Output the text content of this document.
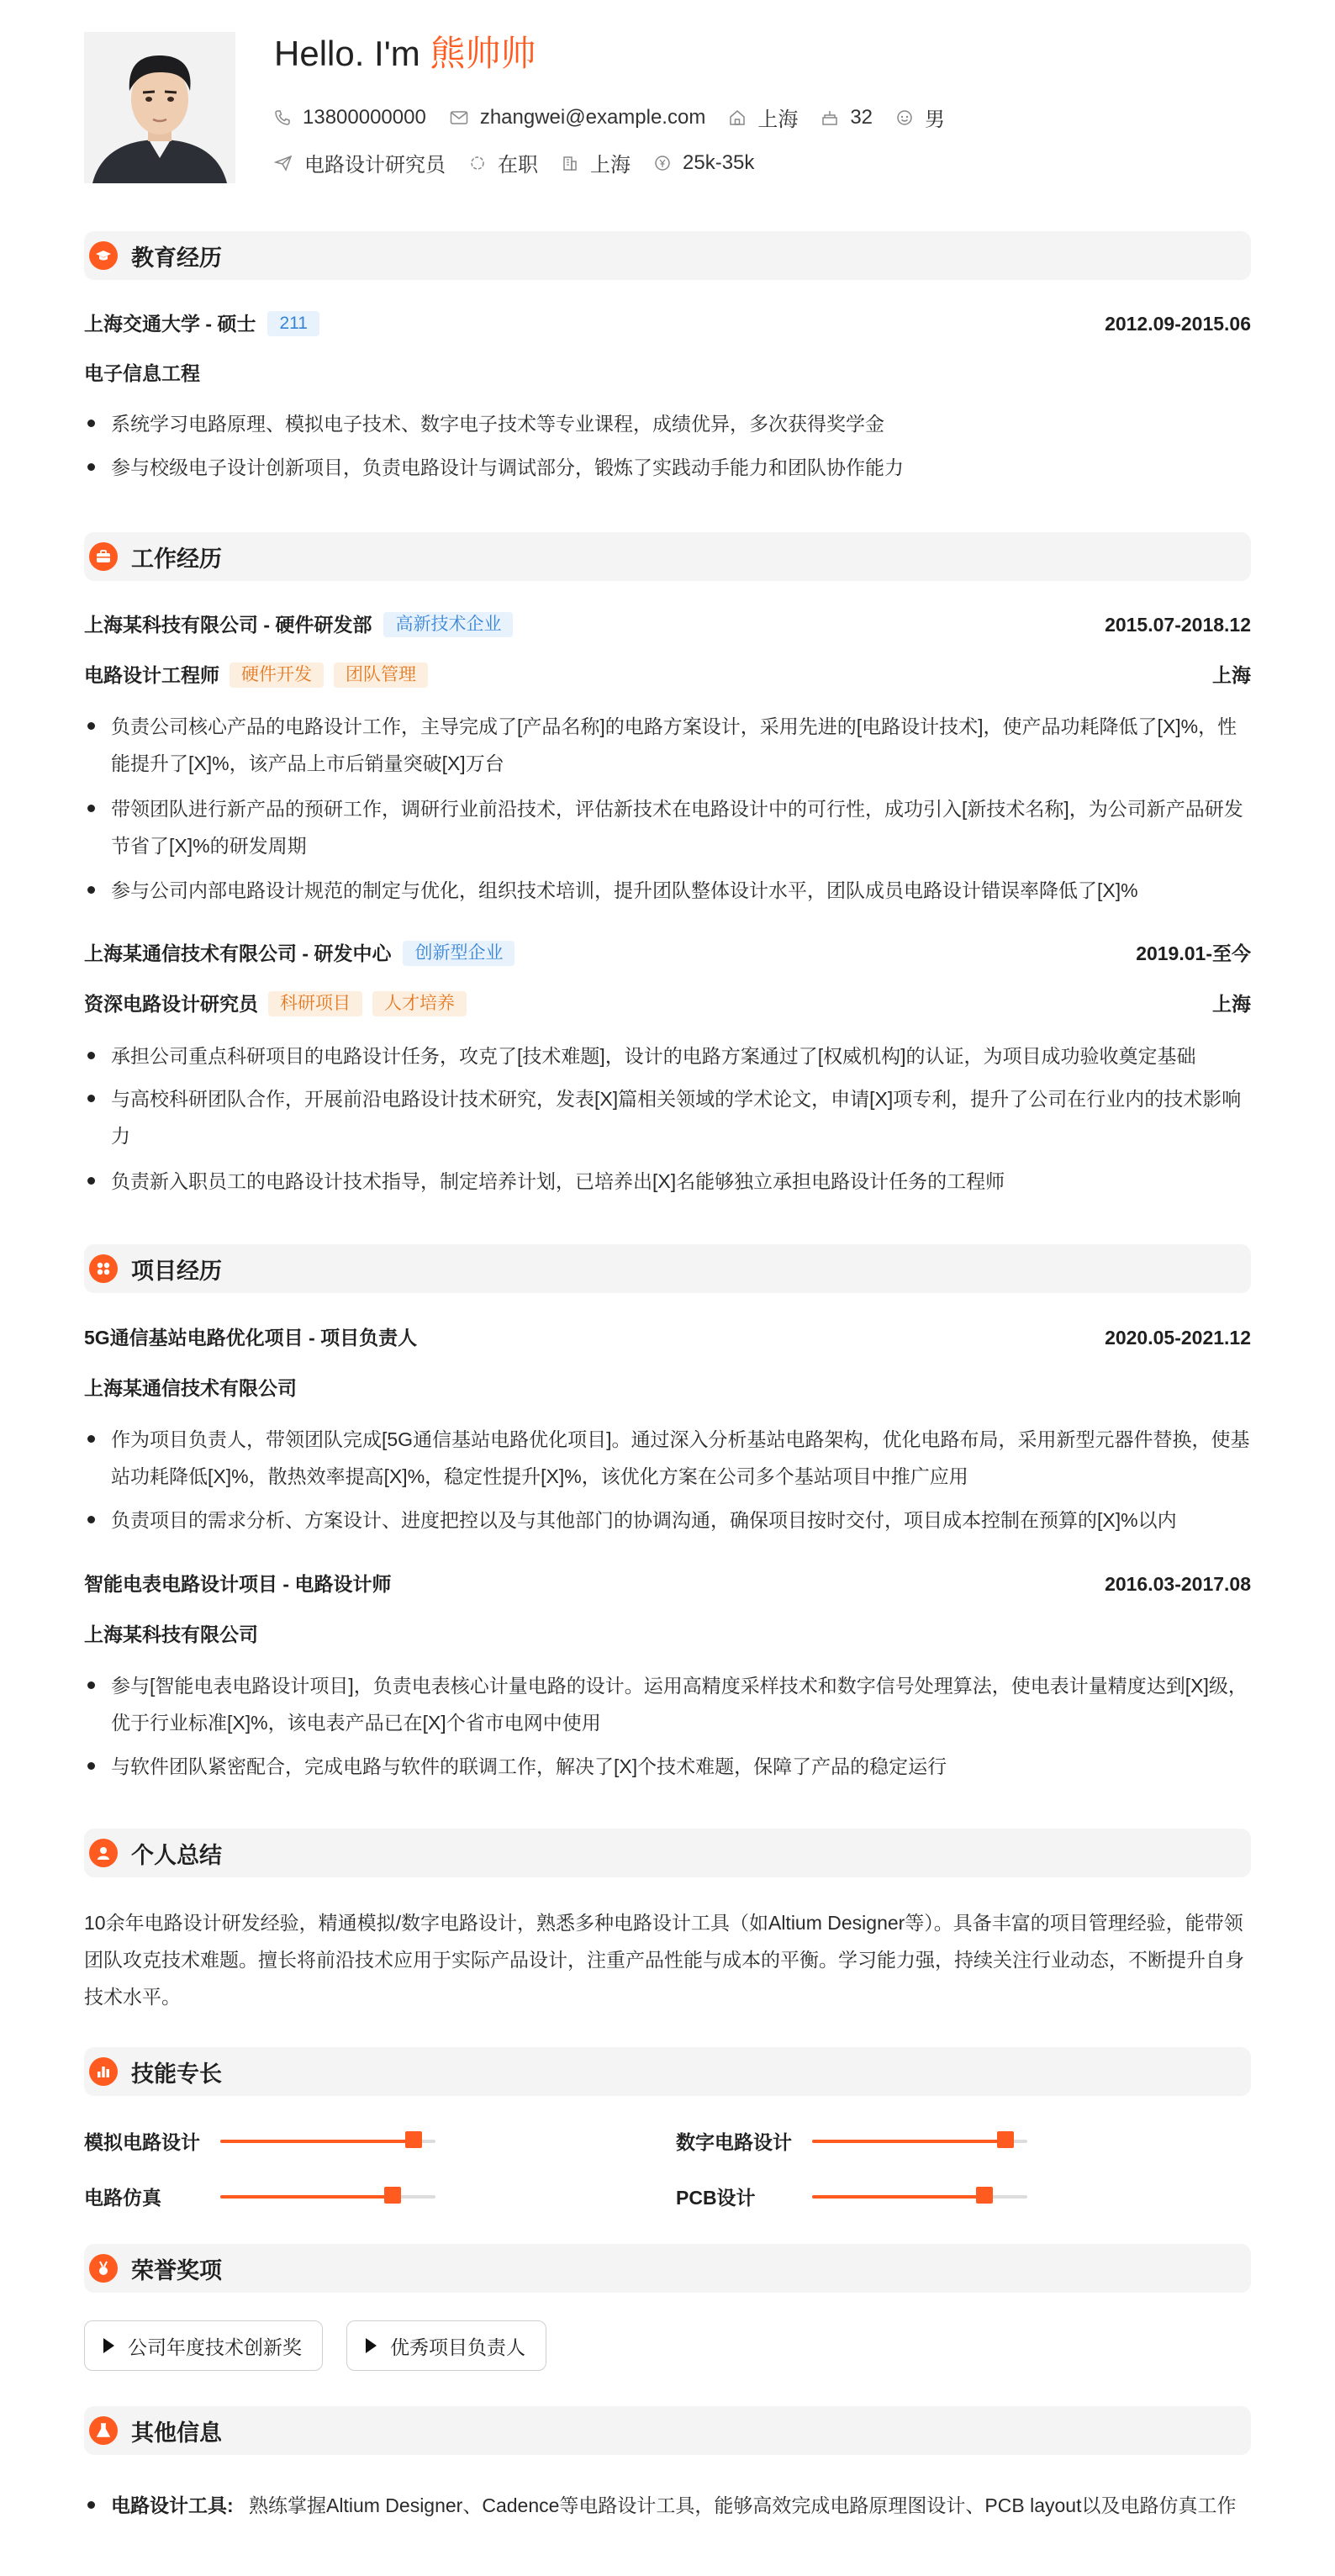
Hello. I'm 熊帅帅
13800000000	zhangwei@example.com	上海	32	男
电路设计研究员	在职	上海	25k-35k
教育经历
上海交通大学 - 硕士	211	2012.09-2015.06
电子信息工程
系统学习电路原理、模拟电子技术、数字电子技术等专业课程，成绩优异，多次获得奖学金
参与校级电子设计创新项目，负责电路设计与调试部分，锻炼了实践动手能力和团队协作能力
工作经历
上海某科技有限公司 - 硬件研发部	高新技术企业	2015.07-2018.12
电路设计工程师	硬件开发	团队管理	上海
负责公司核心产品的电路设计工作，主导完成了[产品名称]的电路方案设计，采用先进的[电路设计技术]，使产品功耗降低了[X]%，性能提升了[X]%，该产品上市后销量突破[X]万台
带领团队进行新产品的预研工作，调研行业前沿技术，评估新技术在电路设计中的可行性，成功引入[新技术名称]，为公司新产品研发节省了[X]%的研发周期
参与公司内部电路设计规范的制定与优化，组织技术培训，提升团队整体设计水平，团队成员电路设计错误率降低了[X]%
上海某通信技术有限公司 - 研发中心	创新型企业	2019.01-至今
资深电路设计研究员	科研项目	人才培养	上海
承担公司重点科研项目的电路设计任务，攻克了[技术难题]，设计的电路方案通过了[权威机构]的认证，为项目成功验收奠定基础
与高校科研团队合作，开展前沿电路设计技术研究，发表[X]篇相关领域的学术论文，申请[X]项专利，提升了公司在行业内的技术影响力
负责新入职员工的电路设计技术指导，制定培养计划，已培养出[X]名能够独立承担电路设计任务的工程师
项目经历
5G通信基站电路优化项目 - 项目负责人	2020.05-2021.12
上海某通信技术有限公司
作为项目负责人，带领团队完成[5G通信基站电路优化项目]。通过深入分析基站电路架构，优化电路布局，采用新型元器件替换，使基站功耗降低[X]%，散热效率提高[X]%，稳定性提升[X]%，该优化方案在公司多个基站项目中推广应用
负责项目的需求分析、方案设计、进度把控以及与其他部门的协调沟通，确保项目按时交付，项目成本控制在预算的[X]%以内
智能电表电路设计项目 - 电路设计师	2016.03-2017.08
上海某科技有限公司
参与[智能电表电路设计项目]，负责电表核心计量电路的设计。运用高精度采样技术和数字信号处理算法，使电表计量精度达到[X]级，优于行业标准[X]%，该电表产品已在[X]个省市电网中使用
与软件团队紧密配合，完成电路与软件的联调工作，解决了[X]个技术难题，保障了产品的稳定运行
个人总结
10余年电路设计研发经验，精通模拟/数字电路设计，熟悉多种电路设计工具（如Altium Designer等）。具备丰富的项目管理经验，能带领团队攻克技术难题。擅长将前沿技术应用于实际产品设计，注重产品性能与成本的平衡。学习能力强，持续关注行业动态，不断提升自身技术水平。
技能专长
模拟电路设计	数字电路设计
电路仿真	PCB设计
荣誉奖项
公司年度技术创新奖	优秀项目负责人
其他信息
电路设计工具: 熟练掌握Altium Designer、Cadence等电路设计工具，能够高效完成电路原理图设计、PCB layout以及电路仿真工作
